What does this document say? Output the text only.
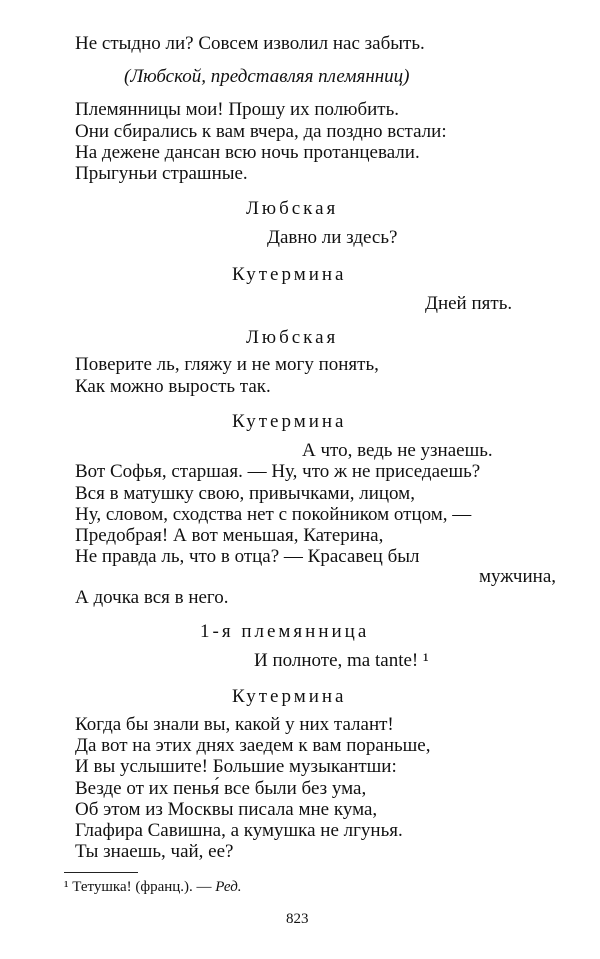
Не стыдно ли? Совсем изволил нас забыть.
(Любской, представляя племянниц)
Племянницы мои! Прошу их полюбить.
Они сбирались к вам вчера, да поздно встали:
На дежене дансан всю ночь протанцевали.
Прыгуньи страшные.
Любская
Давно ли здесь?
Кутермина
Дней пять.
Любская
Поверите ль, гляжу и не могу понять,
Как можно вырость так.
Кутермина
А что, ведь не узнаешь.
Вот Софья, старшая. — Ну, что ж не приседаешь?
Вся в матушку свою, привычками, лицом,
Ну, словом, сходства нет с покойником отцом, —
Предобрая! А вот меньшая, Катерина,
Не правда ль, что в отца? — Красавец был
мужчина,
А дочка вся в него.
1-я племянница
И полноте, ma tante! ¹
Кутермина
Когда бы знали вы, какой у них талант!
Да вот на этих днях заедем к вам пораньше,
И вы услышите! Большие музыкантши:
Везде от их пенья́ все были без ума,
Об этом из Москвы писала мне кума,
Глафира Савишна, а кумушка не лгунья.
Ты знаешь, чай, ее?
¹ Тетушка! (франц.). — Ред.
823
